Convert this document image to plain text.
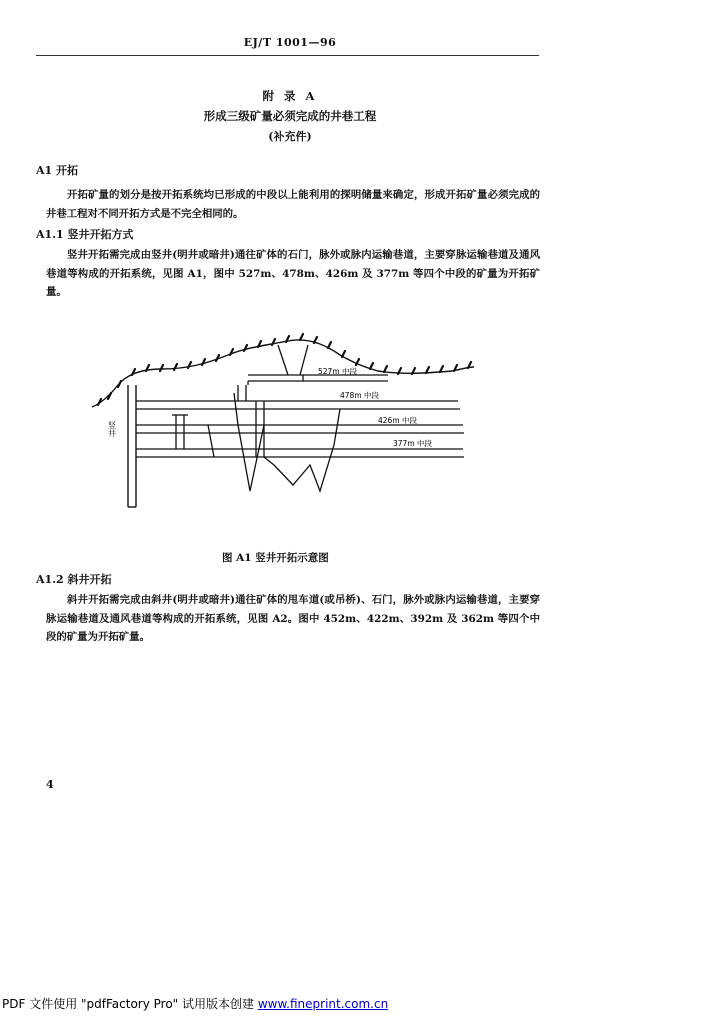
EJ/T 1001—96
附 录 A
形成三级矿量必须完成的井巷工程
(补充件)
A1 开拓

开拓矿量的划分是按开拓系统均已形成的中段以上能利用的探明储量来确定，形成开拓矿量必须完成的井巷工程对不同开拓方式是不完全相同的。

A1.1 竖井开拓方式

竖井开拓需完成由竖井(明井或暗井)通往矿体的石门，脉外或脉内运输巷道，主要穿脉运输巷道及通风巷道等构成的开拓系统，见图 A1，图中 527m、478m、426m 及 377m 等四个中段的矿量为开拓矿量。

竖井
527m 中段
478m 中段
426m 中段
377m 中段
图 A1 竖井开拓示意图
A1.2 斜井开拓

斜井开拓需完成由斜井(明井或暗井)通往矿体的甩车道(或吊桥)、石门，脉外或脉内运输巷道，主要穿脉运输巷道及通风巷道等构成的开拓系统，见图 A2。图中 452m、422m、392m 及 362m 等四个中段的矿量为开拓矿量。

4
PDF 文件使用 "pdfFactory Pro" 试用版本创建 www.fineprint.com.cn
